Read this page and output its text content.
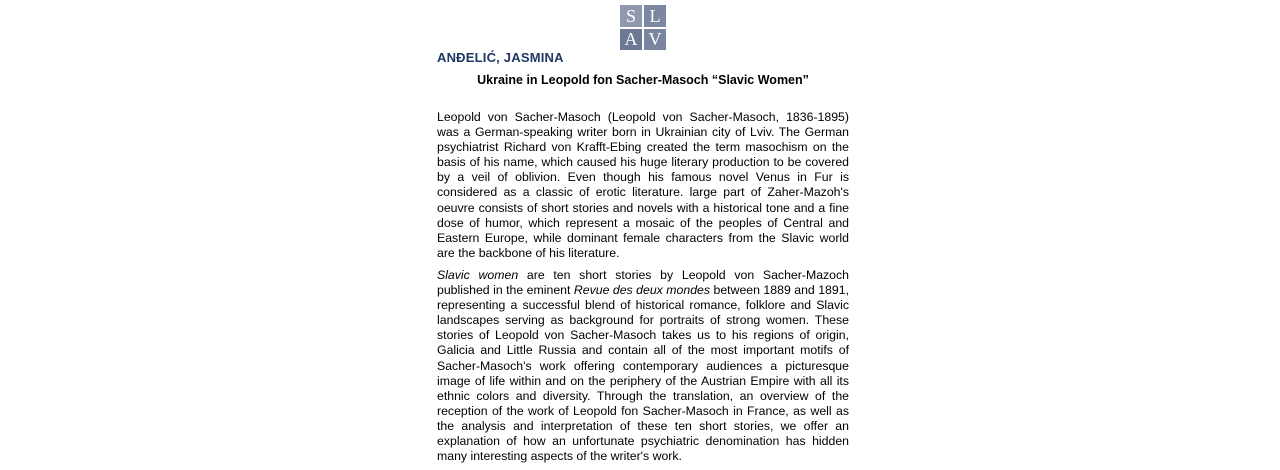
S L
A V
ANĐELIĆ, JASMINA
Ukraine in Leopold fon Sacher-Masoch “Slavic Women”

Leopold von Sacher-Masoch (Leopold von Sacher-Masoch, 1836-1895) was a German-speaking writer born in Ukrainian city of Lviv. The German psychiatrist Richard von Krafft-Ebing created the term masochism on the basis of his name, which caused his huge literary production to be covered by a veil of oblivion. Even though his famous novel Venus in Fur is considered as a classic of erotic literature. large part of Zaher-Mazoh's oeuvre consists of short stories and novels with a historical tone and a fine dose of humor, which represent a mosaic of the peoples of Central and Eastern Europe, while dominant female characters from the Slavic world are the backbone of his literature.

Slavic women are ten short stories by Leopold von Sacher-Mazoch published in the eminent Revue des deux mondes between 1889 and 1891, representing a successful blend of historical romance, folklore and Slavic landscapes serving as background for portraits of strong women. These stories of Leopold von Sacher-Masoch takes us to his regions of origin, Galicia and Little Russia and contain all of the most important motifs of Sacher-Masoch's work offering contemporary audiences a picturesque image of life within and on the periphery of the Austrian Empire with all its ethnic colors and diversity. Through the translation, an overview of the reception of the work of Leopold fon Sacher-Masoch in France, as well as the analysis and interpretation of these ten short stories, we offer an explanation of how an unfortunate psychiatric denomination has hidden many interesting aspects of the writer's work.
